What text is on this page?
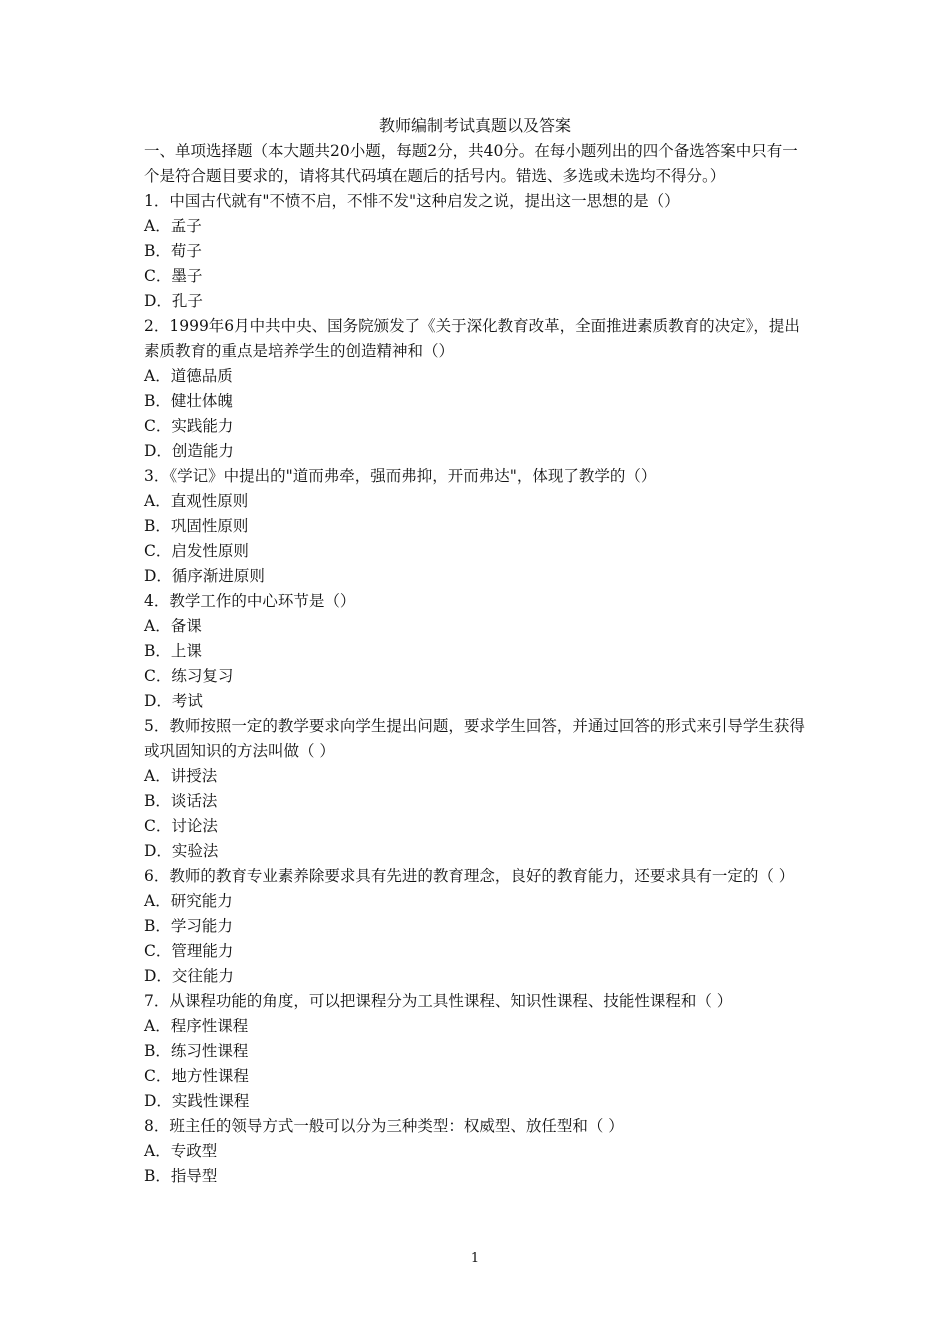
教师编制考试真题以及答案

一、单项选择题（本大题共20小题，每题2分，共40分。在每小题列出的四个备选答案中只有一个是符合题目要求的，请将其代码填在题后的括号内。错选、多选或未选均不得分。）

1．中国古代就有"不愤不启，不悱不发"这种启发之说，提出这一思想的是（）

A．孟子

B．荀子

C．墨子

D．孔子

2．1999年6月中共中央、国务院颁发了《关于深化教育改革，全面推进素质教育的决定》，提出素质教育的重点是培养学生的创造精神和（）

A．道德品质

B．健壮体魄

C．实践能力

D．创造能力

3．《学记》中提出的"道而弗牵，强而弗抑，开而弗达"，体现了教学的（）

A．直观性原则

B．巩固性原则

C．启发性原则

D．循序渐进原则

4．教学工作的中心环节是（）

A．备课

B．上课

C．练习复习

D．考试

5．教师按照一定的教学要求向学生提出问题，要求学生回答，并通过回答的形式来引导学生获得或巩固知识的方法叫做（ ）

A．讲授法

B．谈话法

C．讨论法

D．实验法

6．教师的教育专业素养除要求具有先进的教育理念，良好的教育能力，还要求具有一定的（ ）

A．研究能力

B．学习能力

C．管理能力

D．交往能力

7．从课程功能的角度，可以把课程分为工具性课程、知识性课程、技能性课程和（ ）

A．程序性课程

B．练习性课程

C．地方性课程

D．实践性课程

8．班主任的领导方式一般可以分为三种类型：权威型、放任型和（ ）

A．专政型

B．指导型

1
